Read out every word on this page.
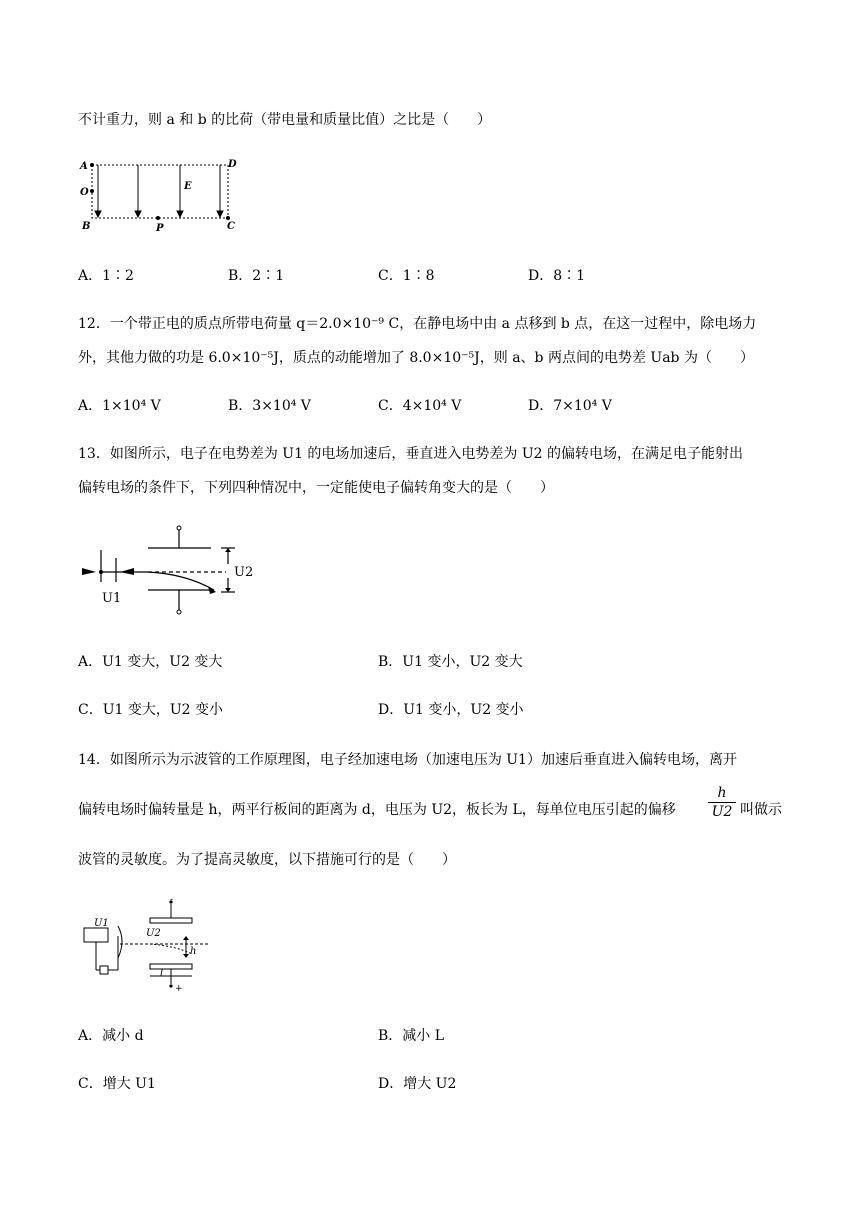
不计重力，则 a 和 b 的比荷（带电量和质量比值）之比是（　　）
A
O
B
D
C
E
P
A．1∶2	B．2∶1	C．1∶8	D．8∶1
12．一个带正电的质点所带电荷量 q＝2.0×10⁻⁹ C，在静电场中由 a 点移到 b 点，在这一过程中，除电场力
外，其他力做的功是 6.0×10⁻⁵J，质点的动能增加了 8.0×10⁻⁵J，则 a、b 两点间的电势差 Uab 为（　　）
A．1×10⁴ V	B．3×10⁴ V	C．4×10⁴ V	D．7×10⁴ V
13．如图所示，电子在电势差为 U1 的电场加速后，垂直进入电势差为 U2 的偏转电场，在满足电子能射出
偏转电场的条件下，下列四种情况中，一定能使电子偏转角变大的是（　　）
U1
U2
A．U1 变大，U2 变大	B．U1 变小，U2 变大
C．U1 变大，U2 变小	D．U1 变小，U2 变小
14．如图所示为示波管的工作原理图，电子经加速电场（加速电压为 U1）加速后垂直进入偏转电场，离开
偏转电场时偏转量是 h，两平行板间的距离为 d，电压为 U2，板长为 L，每单位电压引起的偏移
h
U2 叫做示
波管的灵敏度。为了提高灵敏度，以下措施可行的是（　　）
U1
U2
h
l
-
+
A．减小 d	B．减小 L
C．增大 U1	D．增大 U2
